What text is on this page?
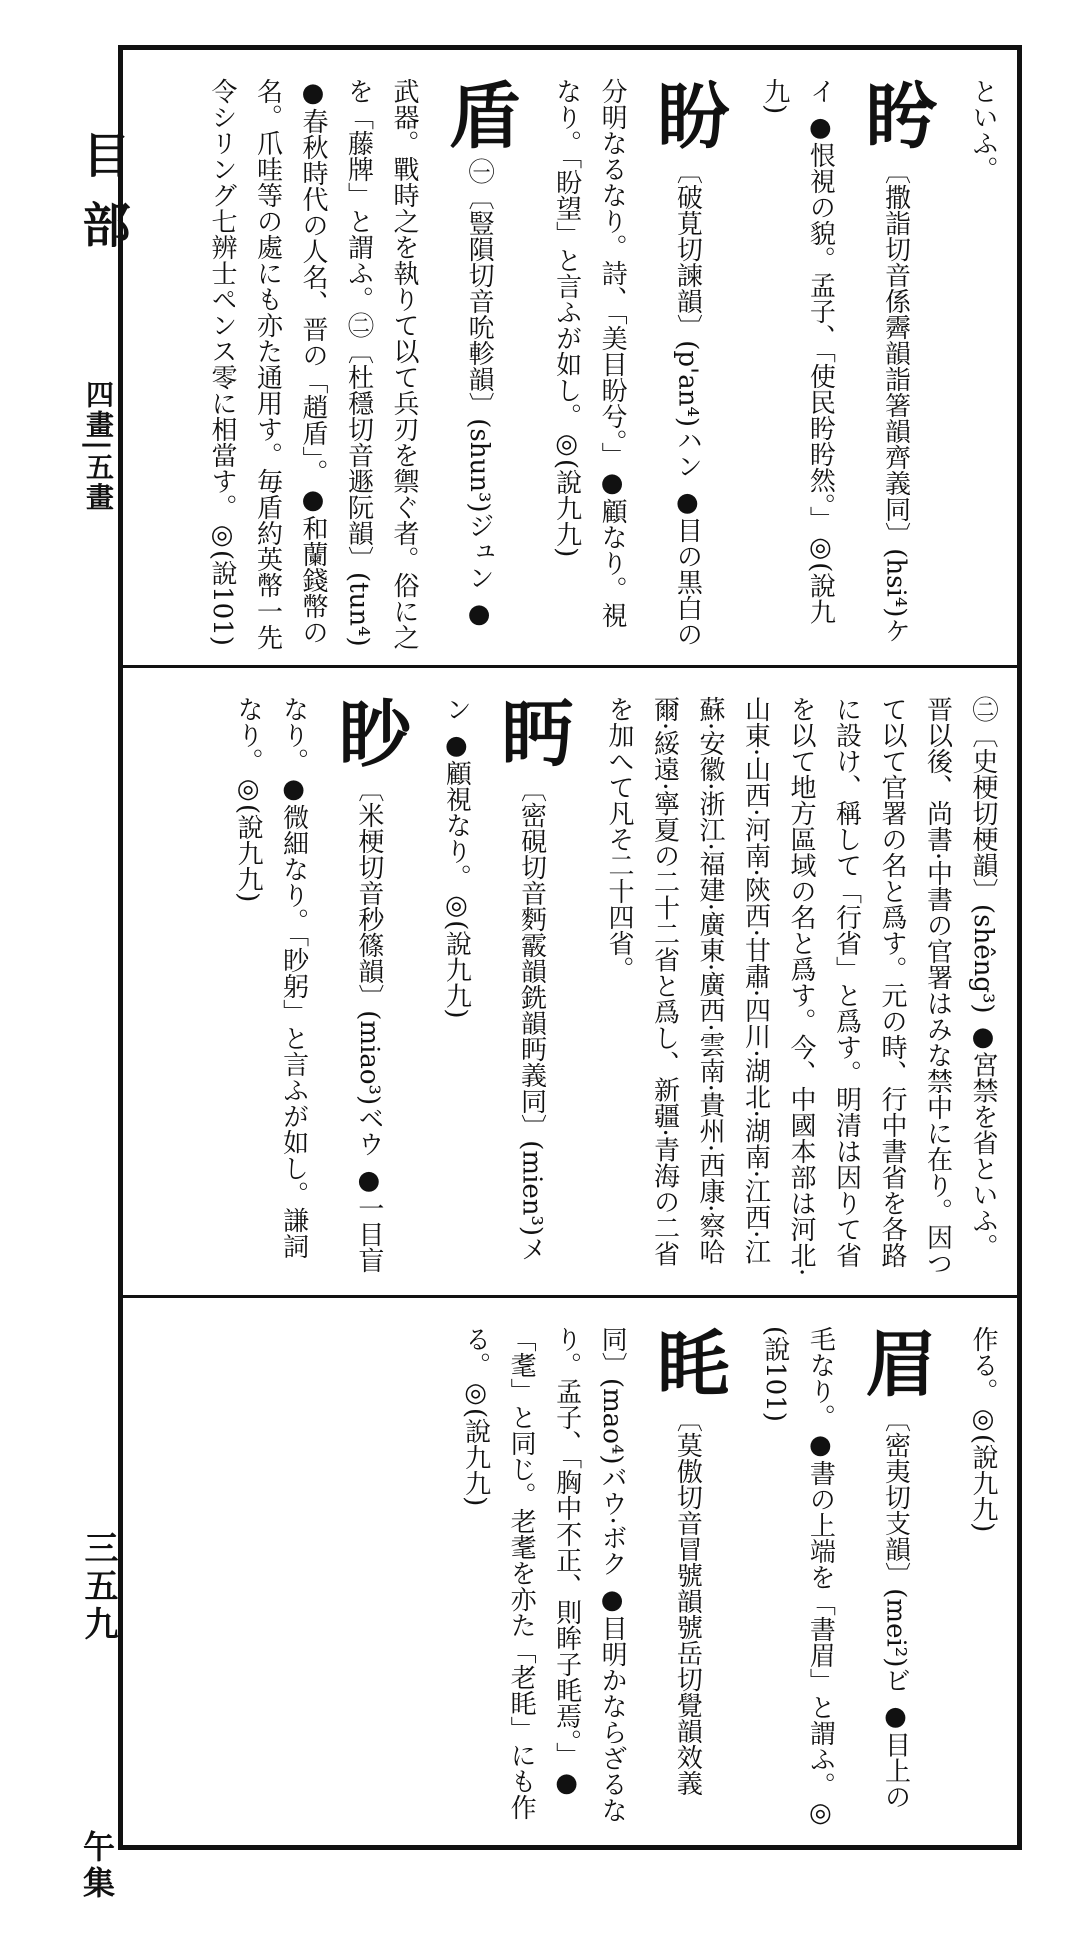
目部
四畫|五畫
三五九
午集
といふ。
盻 〔撒詣切音係霽韻詣箸韻齊義同〕(hsi⁴)ケイ ●恨視の貌。孟子、「使民盻盻然。」◎(說九九)
盼 〔破莧切諫韻〕(p'an⁴)ハン ●目の黒白の分明なるなり。詩、「美目盼兮。」●顧なり。視なり。「盼望」と言ふが如し。◎(說九九)
盾 ㊀〔豎隕切音吮軫韻〕(shun³)ジュン ●武器。戰時之を執りて以て兵刃を禦ぐ者。俗に之を「藤牌」と謂ふ。㊁〔杜穩切音遯阮韻〕(tun⁴) ●春秋時代の人名、晋の「趙盾」。●和蘭錢幣の名。爪哇等の處にも亦た通用す。毎盾約英幣一先令シリング七辨士ペンス零に相當す。◎(說101)
㊁〔史梗切梗韻〕(shêng³) ●宮禁を省といふ。晋以後、尚書·中書の官署はみな禁中に在り。因つて以て官署の名と爲す。元の時、行中書省を各路に設け、稱して「行省」と爲す。明清は因りて省を以て地方區域の名と爲す。今、中國本部は河北·山東·山西·河南·陝西·甘肅·四川·湖北·湖南·江西·江蘇·安徽·浙江·福建·廣東·廣西·雲南·貴州·西康·察哈爾·綏遠·寧夏の二十二省と爲し、新疆·青海の二省を加へて凡そ二十四省。
眄 〔密硯切音麪霰韻銑韻眄義同〕(mien³)メン ●顧視なり。◎(說九九)
眇 〔米梗切音秒篠韻〕(miao³)ベウ ●一目盲なり。●微細なり。「眇躬」と言ふが如し。謙詞なり。◎(說九九)
作る。◎(說九九)
眉 〔密夷切支韻〕(mei²)ビ ●目上の毛なり。●書の上端を「書眉」と謂ふ。◎(說101)
眊 〔莫傲切音冒號韻號岳切覺韻效義同〕(mao⁴)バウ·ボク ●目明かならざるなり。孟子、「胸中不正、則眸子眊焉。」●「耄」と同じ。老耄を亦た「老眊」にも作る。◎(說九九)
